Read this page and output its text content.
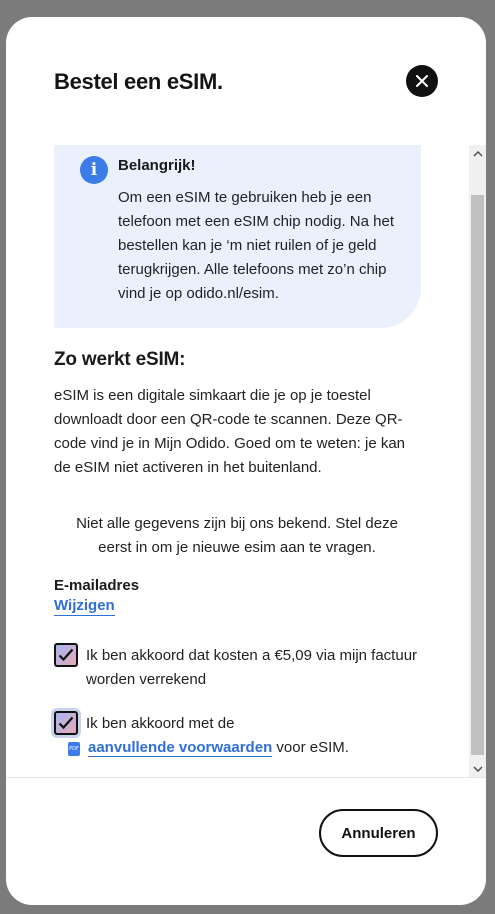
Bestel een eSIM.
i	Belangrijk!
Om een eSIM te gebruiken heb je een telefoon met een eSIM chip nodig. Na het bestellen kan je ‘m niet ruilen of je geld terugkrijgen. Alle telefoons met zo’n chip vind je op odido.nl/esim.
Zo werkt eSIM:

eSIM is een digitale simkaart die je op je toestel downloadt door een QR-code te scannen. Deze QR-code vind je in Mijn Odido. Goed om te weten: je kan de eSIM niet activeren in het buitenland.

Niet alle gegevens zijn bij ons bekend. Stel deze eerst in om je nieuwe esim aan te vragen.

E-mailadres
Wijzigen
Ik ben akkoord dat kosten a €5,09 via mijn factuur worden verrekend
Ik ben akkoord met de
PDF aanvullende voorwaarden voor eSIM.
Annuleren
